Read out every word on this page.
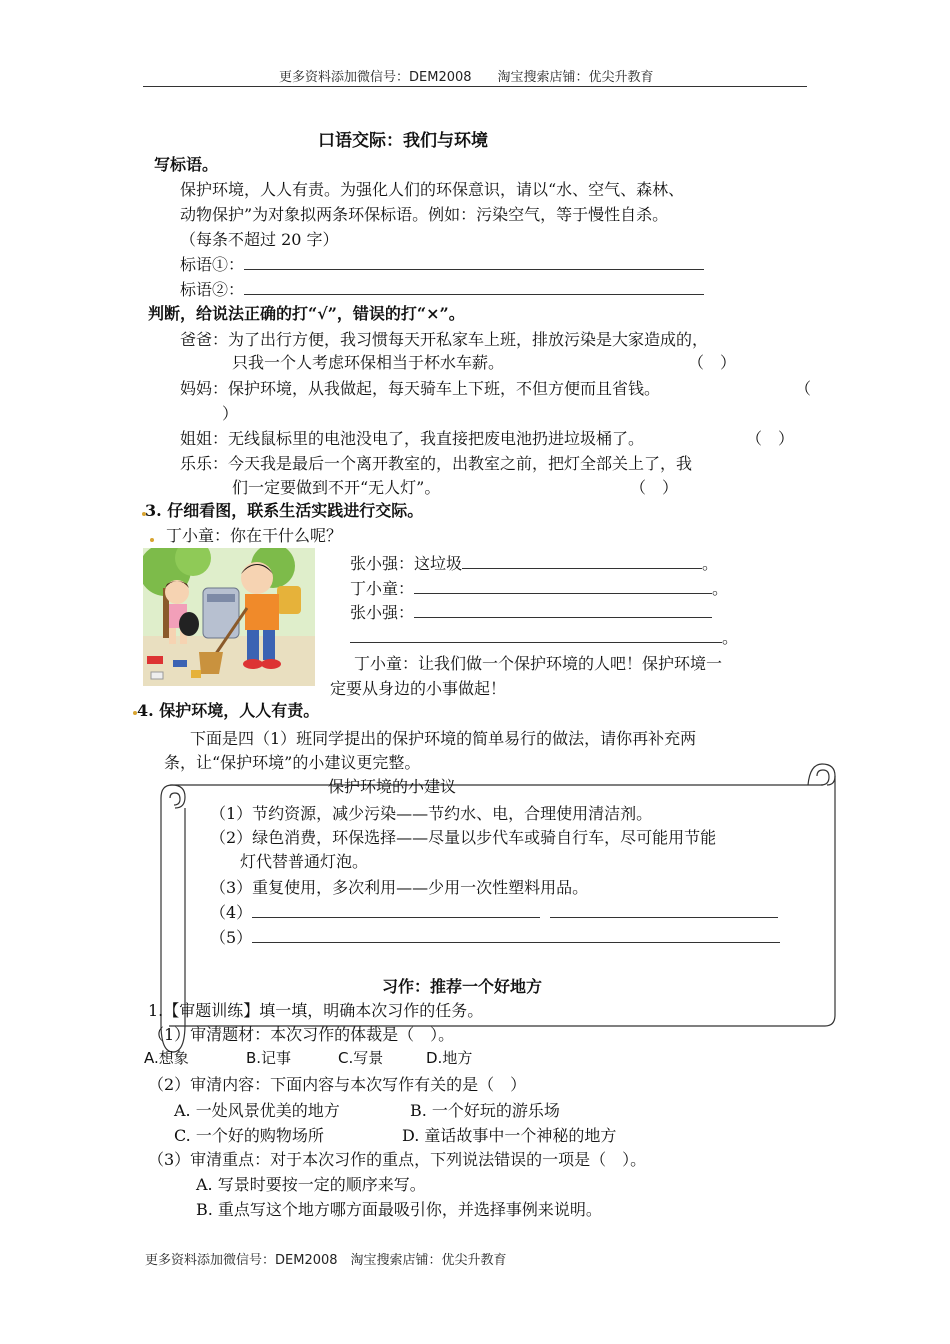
更多资料添加微信号：DEM2008　　淘宝搜索店铺：优尖升教育
口语交际：我们与环境
写标语。
保护环境，人人有责。为强化人们的环保意识，请以“水、空气、森林、
动物保护”为对象拟两条环保标语。例如：污染空气，等于慢性自杀。
（每条不超过 20 字）
标语①：
标语②：
判断，给说法正确的打“√”，错误的打“×”。
爸爸：为了出行方便，我习惯每天开私家车上班，排放污染是大家造成的，
只我一个人考虑环保相当于杯水车薪。	（　）
妈妈：保护环境，从我做起，每天骑车上下班，不但方便而且省钱。	（
）
姐姐：无线鼠标里的电池没电了，我直接把废电池扔进垃圾桶了。	（　）
乐乐：今天我是最后一个离开教室的，出教室之前，把灯全部关上了，我
们一定要做到不开“无人灯”。	（　）
3. 仔细看图，联系生活实践进行交际。
丁小童：你在干什么呢？
张小强：这垃圾	。
丁小童：	。
张小强：
。
丁小童：让我们做一个保护环境的人吧！保护环境一
定要从身边的小事做起！
4. 保护环境，人人有责。
下面是四（1）班同学提出的保护环境的简单易行的做法，请你再补充两
条，让“保护环境”的小建议更完整。
保护环境的小建议
（1）节约资源，减少污染——节约水、电，合理使用清洁剂。
（2）绿色消费，环保选择——尽量以步代车或骑自行车，尽可能用节能
灯代替普通灯泡。
（3）重复使用，多次利用——少用一次性塑料用品。
（4）
（5）
习作：推荐一个好地方
1.【审题训练】填一填，明确本次习作的任务。
（1）审清题材：本次习作的体裁是（　）。
A.想象	B.记事	C.写景	D.地方
（2）审清内容：下面内容与本次写作有关的是（　）
A. 一处风景优美的地方	B. 一个好玩的游乐场
C. 一个好的购物场所	D. 童话故事中一个神秘的地方
（3）审清重点：对于本次习作的重点，下列说法错误的一项是（　）。
A. 写景时要按一定的顺序来写。
B. 重点写这个地方哪方面最吸引你，并选择事例来说明。
更多资料添加微信号：DEM2008　淘宝搜索店铺：优尖升教育
